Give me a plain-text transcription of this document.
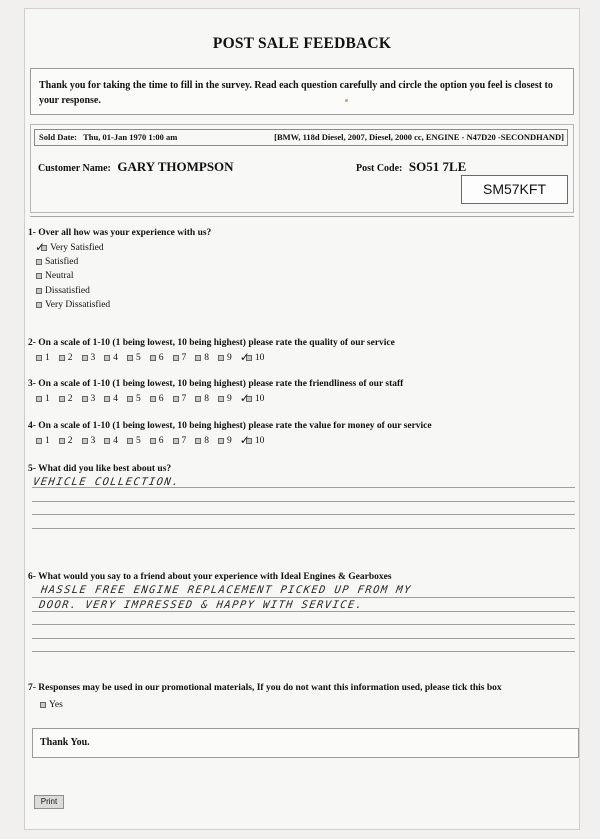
POST SALE FEEDBACK
Thank you for taking the time to fill in the survey. Read each question carefully and circle the option you feel is closest to your response.
Sold Date: Thu, 01-Jan 1970 1:00 am	[BMW, 118d Diesel, 2007, Diesel, 2000 cc, ENGINE - N47D20 -SECONDHAND]
Customer Name: GARY THOMPSON	Post Code: SO51 7LE
SM57KFT
1- Over all how was your experience with us?
✓ Very Satisfied
Satisfied
Neutral
Dissatisfied
Very Dissatisfied
2- On a scale of 1-10 (1 being lowest, 10 being highest) please rate the quality of our service
1 2 3 4 5 6 7 8 9 ✓ 10
3- On a scale of 1-10 (1 being lowest, 10 being highest) please rate the friendliness of our staff
1 2 3 4 5 6 7 8 9 ✓ 10
4- On a scale of 1-10 (1 being lowest, 10 being highest) please rate the value for money of our service
1 2 3 4 5 6 7 8 9 ✓ 10
5- What did you like best about us?
VEHICLE COLLECTION.
6- What would you say to a friend about your experience with Ideal Engines & Gearboxes
HASSLE FREE ENGINE REPLACEMENT PICKED UP FROM MY
DOOR. VERY IMPRESSED & HAPPY WITH SERVICE.
7- Responses may be used in our promotional materials, If you do not want this information used, please tick this box
Yes
Thank You.
Print
